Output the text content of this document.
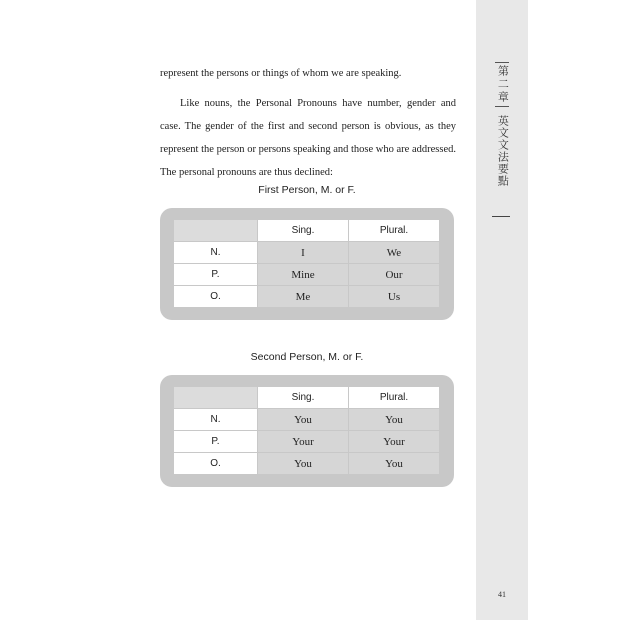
第二章
英文文法要點
41
represent the persons or things of whom we are speaking.
Like nouns, the Personal Pronouns have number, gender and case. The gender of the first and second person is obvious, as they represent the person or persons speaking and those who are addressed. The personal pronouns are thus declined:
First Person, M. or F.
	Sing.	Plural.
N.	I	We
P.	Mine	Our
O.	Me	Us
Second Person, M. or F.
	Sing.	Plural.
N.	You	You
P.	Your	Your
O.	You	You
